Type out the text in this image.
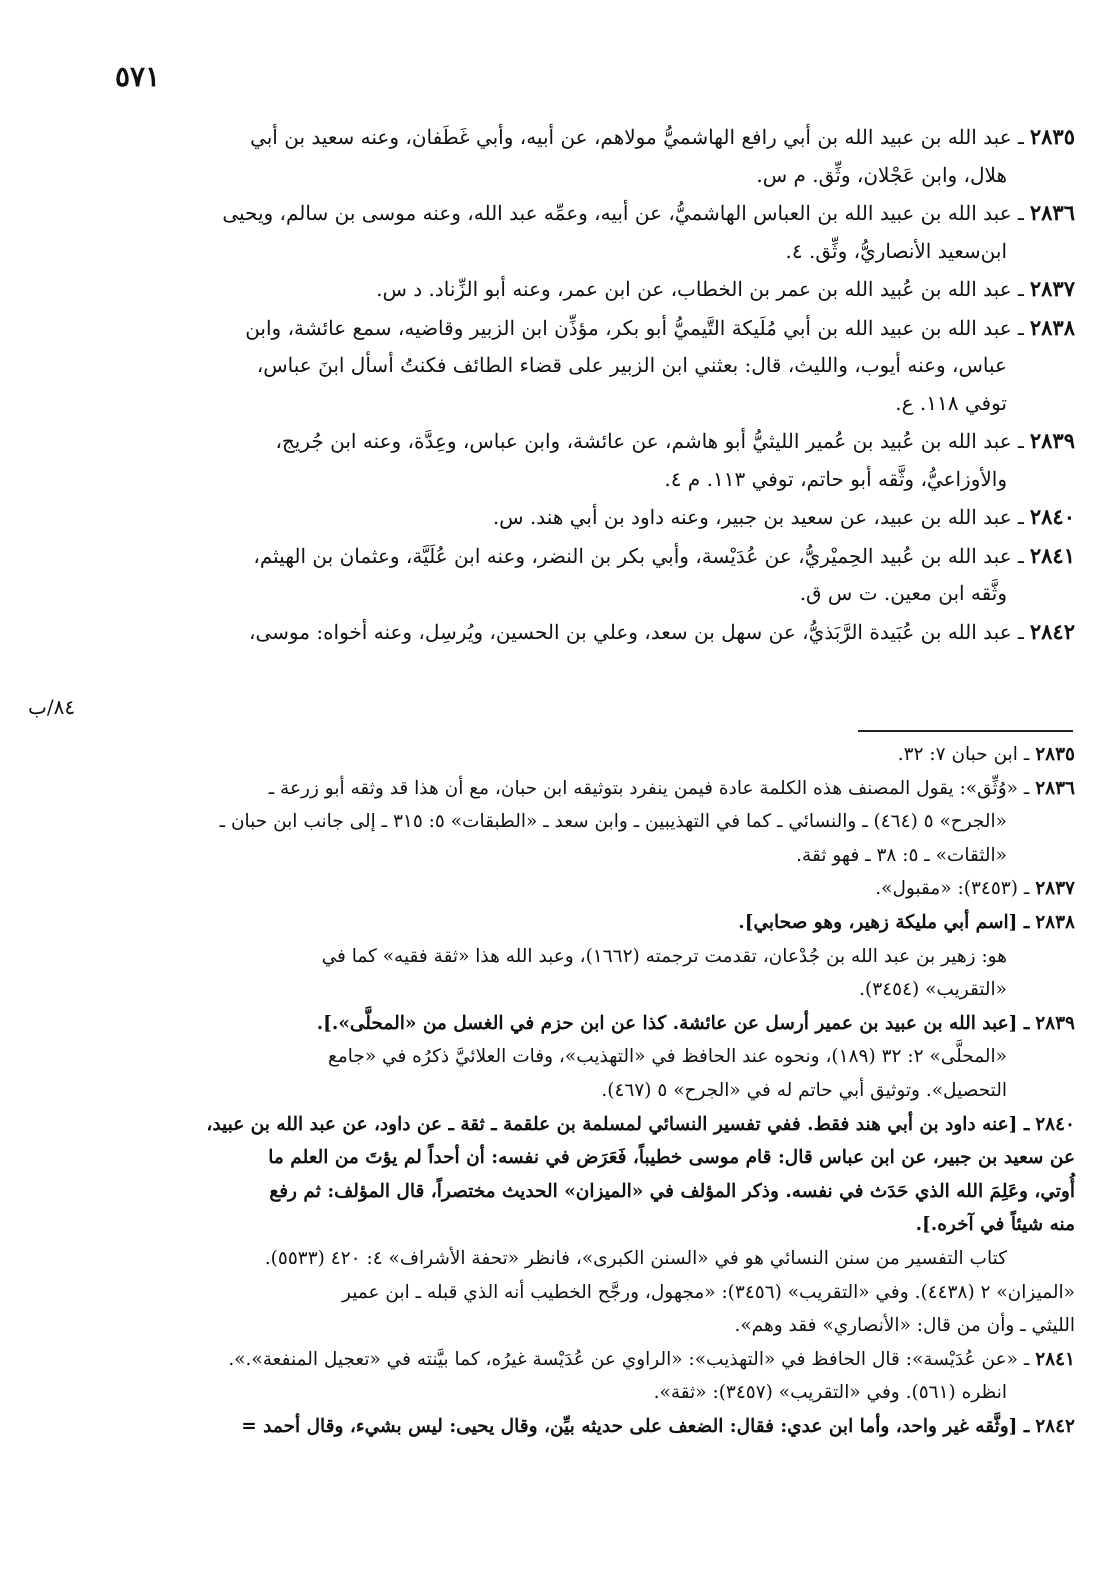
٥٧١
٢٨٣٥ـ عبد الله بن عبيد الله بن أبي رافع الهاشميُّ مولاهم، عن أبيه، وأبي غَطَفان، وعنه سعيد بن أبي
هلال، وابن عَجْلان، وثِّق. م س.
٢٨٣٦ـ عبد الله بن عبيد الله بن العباس الهاشميُّ، عن أبيه، وعمِّه عبد الله، وعنه موسى بن سالم، ويحيى
ابن‌سعيد الأنصاريُّ، وثِّق. ٤.
٢٨٣٧ـ عبد الله بن عُبيد الله بن عمر بن الخطاب، عن ابن عمر، وعنه أبو الزِّناد. د س.
٢٨٣٨ـ عبد الله بن عبيد الله بن أبي مُلَيكة التَّيميُّ أبو بكر، مؤذِّن ابن الزبير وقاضيه، سمع عائشة، وابن
عباس، وعنه أيوب، والليث، قال: بعثني ابن الزبير على قضاء الطائف فكنتُ أسأل ابنَ عباس،
توفي ١١٨. ع.
٢٨٣٩ـ عبد الله بن عُبيد بن عُمير الليثيُّ أبو هاشم، عن عائشة، وابن عباس، وعِدَّة، وعنه ابن جُريج،
والأوزاعيُّ، وثَّقه أبو حاتم، توفي ١١٣. م ٤.
٢٨٤٠ـ عبد الله بن عبيد، عن سعيد بن جبير، وعنه داود بن أبي هند. س.
٢٨٤١ـ عبد الله بن عُبيد الحِميْريُّ، عن عُدَيْسة، وأبي بكر بن النضر، وعنه ابن عُلَيَّة، وعثمان بن الهيثم،
وثَّقه ابن معين. ت س ق.
٢٨٤٢ـ عبد الله بن عُبَيدة الرَّبَذيُّ، عن سهل بن سعد، وعلي بن الحسين، ويُرسِل، وعنه أخواه: موسى،
٨٤/ب
٢٨٣٥ـ ابن حبان ٧: ٣٢.
٢٨٣٦ـ «وُثِّق»: يقول المصنف هذه الكلمة عادة فيمن ينفرد بتوثيقه ابن حبان، مع أن هذا قد وثقه أبو زرعة ـ
«الجرح» ٥ (٤٦٤) ـ والنسائي ـ كما في التهذيبين ـ وابن سعد ـ «الطبقات» ٥: ٣١٥ ـ إلى جانب ابن حبان ـ
«الثقات» ـ ٥: ٣٨ ـ فهو ثقة.
٢٨٣٧ـ (٣٤٥٣): «مقبول».
٢٨٣٨ـ [اسم أبي مليكة زهير، وهو صحابي].
هو: زهير بن عبد الله بن جُدْعان، تقدمت ترجمته (١٦٦٢)، وعبد الله هذا «ثقة فقيه» كما في
«التقريب» (٣٤٥٤).
٢٨٣٩ـ [عبد الله بن عبيد بن عمير أرسل عن عائشة. كذا عن ابن حزم في الغسل من «المحلَّى».].
«المحلَّى» ٢: ٣٢ (١٨٩)، ونحوه عند الحافظ في «التهذيب»، وفات العلائيَّ ذكرُه في «جامع
التحصيل». وتوثيق أبي حاتم له في «الجرح» ٥ (٤٦٧).
٢٨٤٠ـ [عنه داود بن أبي هند فقط. ففي تفسير النسائي لمسلمة بن علقمة ـ ثقة ـ عن داود، عن عبد الله بن عبيد،
عن سعيد بن جبير، عن ابن عباس قال: قام موسى خطيباً، فَعَرَض في نفسه: أن أحداً لم يؤتَ من العلم ما
أُوتي، وعَلِمَ الله الذي حَدَث في نفسه. وذكر المؤلف في «الميزان» الحديث مختصراً، قال المؤلف: ثم رفع
منه شيئاً في آخره.].
كتاب التفسير من سنن النسائي هو في «السنن الكبرى»، فانظر «تحفة الأشراف» ٤: ٤٢٠ (٥٥٣٣).
«الميزان» ٢ (٤٤٣٨). وفي «التقريب» (٣٤٥٦): «مجهول، ورجَّح الخطيب أنه الذي قبله ـ ابن عمير
الليثي ـ وأن من قال: «الأنصاري» فقد وهم».
٢٨٤١ـ «عن عُدَيْسة»: قال الحافظ في «التهذيب»: «الراوي عن عُدَيْسة غيرُه، كما بيَّنته في «تعجيل المنفعة».».
انظره (٥٦١). وفي «التقريب» (٣٤٥٧): «ثقة».
٢٨٤٢ـ [وثَّقه غير واحد، وأما ابن عدي: فقال: الضعف على حديثه بيِّن، وقال يحيى: ليس بشيء، وقال أحمد =
